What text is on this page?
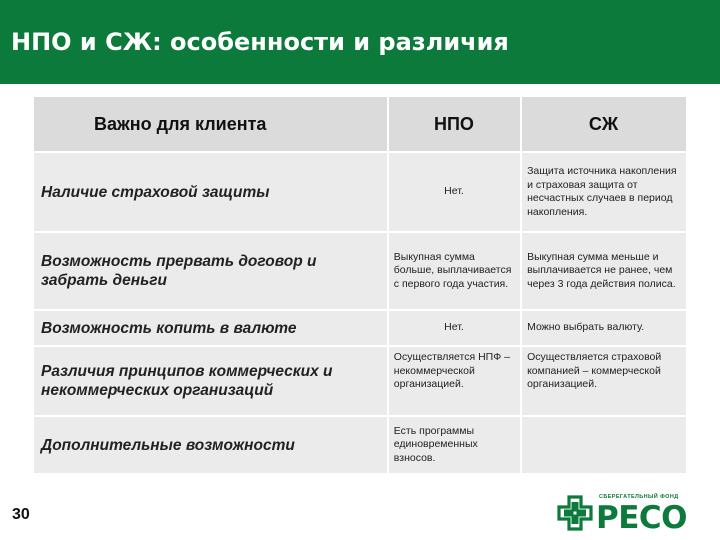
НПО и СЖ: особенности и различия
Важно для клиента	НПО	СЖ
Наличие страховой защиты	Нет.	Защита источника накопления и страховая защита от несчастных случаев в период накопления.
Возможность прервать договор и забрать деньги	Выкупная сумма больше, выплачивается с первого года участия.	Выкупная сумма меньше и выплачивается не ранее, чем через 3 года действия полиса.
Возможность копить в валюте	Нет.	Можно выбрать валюту.
Различия принципов коммерческих и некоммерческих организаций	Осуществляется НПФ – некоммерческой организацией.	Осуществляется страховой компанией – коммерческой организацией.
Дополнительные возможности	Есть программы единовременных взносов.	
30
СБЕРЕГАТЕЛЬНЫЙ ФОНД
РЕСО
